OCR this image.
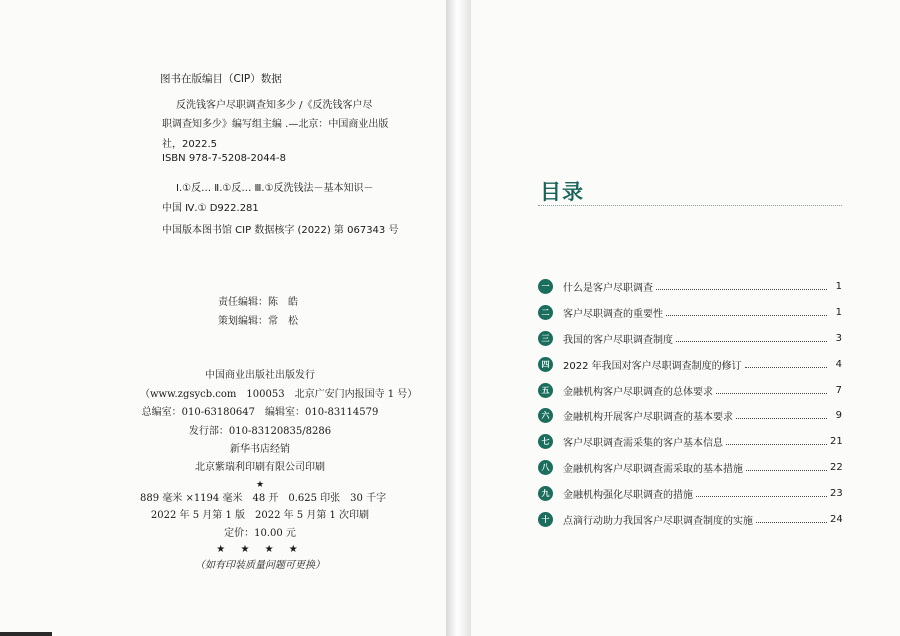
图书在版编目（CIP）数据
反洗钱客户尽职调查知多少 /《反洗钱客户尽
职调查知多少》编写组主编 .—北京：中国商业出版
社，2022.5
ISBN 978-7-5208-2044-8
Ⅰ.①反… Ⅱ.①反… Ⅲ.①反洗钱法－基本知识－
中国 Ⅳ.① D922.281
中国版本图书馆 CIP 数据核字 (2022) 第 067343 号
责任编辑：陈　皓
策划编辑：常　松
中国商业出版社出版发行
（www.zgsycb.com　100053　北京广安门内报国寺 1 号）
总编室：010-63180647　编辑室：010-83114579
发行部：010-83120835/8286
新华书店经销
北京紫瑞利印刷有限公司印刷
★
889 毫米 ×1194 毫米　48 开　0.625 印张　30 千字
2022 年 5 月第 1 版　2022 年 5 月第 1 次印刷
定价：10.00 元
★ ★ ★ ★
（如有印装质量问题可更换）
目录
一	什么是客户尽职调查	1
二	客户尽职调查的重要性	1
三	我国的客户尽职调查制度	3
四	2022 年我国对客户尽职调查制度的修订	4
五	金融机构客户尽职调查的总体要求	7
六	金融机构开展客户尽职调查的基本要求	9
七	客户尽职调查需采集的客户基本信息	21
八	金融机构客户尽职调查需采取的基本措施	22
九	金融机构强化尽职调查的措施	23
十	点滴行动助力我国客户尽职调查制度的实施	24
